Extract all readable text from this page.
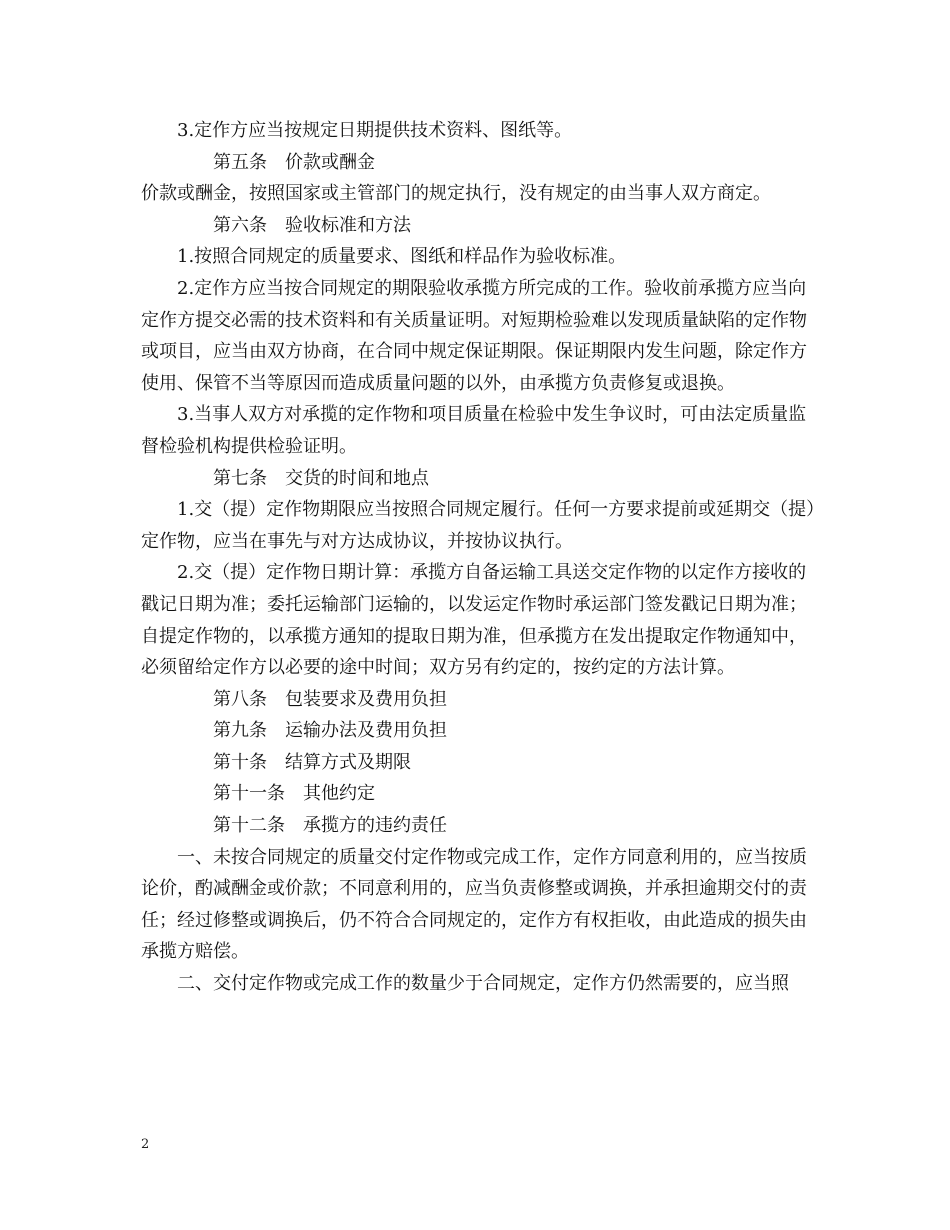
3.定作方应当按规定日期提供技术资料、图纸等。

第五条 价款或酬金

价款或酬金，按照国家或主管部门的规定执行，没有规定的由当事人双方商定。

第六条 验收标准和方法

1.按照合同规定的质量要求、图纸和样品作为验收标准。

2.定作方应当按合同规定的期限验收承揽方所完成的工作。验收前承揽方应当向定作方提交必需的技术资料和有关质量证明。对短期检验难以发现质量缺陷的定作物或项目，应当由双方协商，在合同中规定保证期限。保证期限内发生问题，除定作方使用、保管不当等原因而造成质量问题的以外，由承揽方负责修复或退换。

3.当事人双方对承揽的定作物和项目质量在检验中发生争议时，可由法定质量监督检验机构提供检验证明。

第七条 交货的时间和地点

1.交（提）定作物期限应当按照合同规定履行。任何一方要求提前或延期交（提）定作物，应当在事先与对方达成协议，并按协议执行。

2.交（提）定作物日期计算：承揽方自备运输工具送交定作物的以定作方接收的戳记日期为准；委托运输部门运输的，以发运定作物时承运部门签发戳记日期为准；自提定作物的，以承揽方通知的提取日期为准，但承揽方在发出提取定作物通知中，必须留给定作方以必要的途中时间；双方另有约定的，按约定的方法计算。

第八条 包装要求及费用负担

第九条 运输办法及费用负担

第十条 结算方式及期限

第十一条 其他约定

第十二条 承揽方的违约责任

一、未按合同规定的质量交付定作物或完成工作，定作方同意利用的，应当按质论价，酌减酬金或价款；不同意利用的，应当负责修整或调换，并承担逾期交付的责任；经过修整或调换后，仍不符合合同规定的，定作方有权拒收，由此造成的损失由承揽方赔偿。

二、交付定作物或完成工作的数量少于合同规定，定作方仍然需要的，应当照

2
